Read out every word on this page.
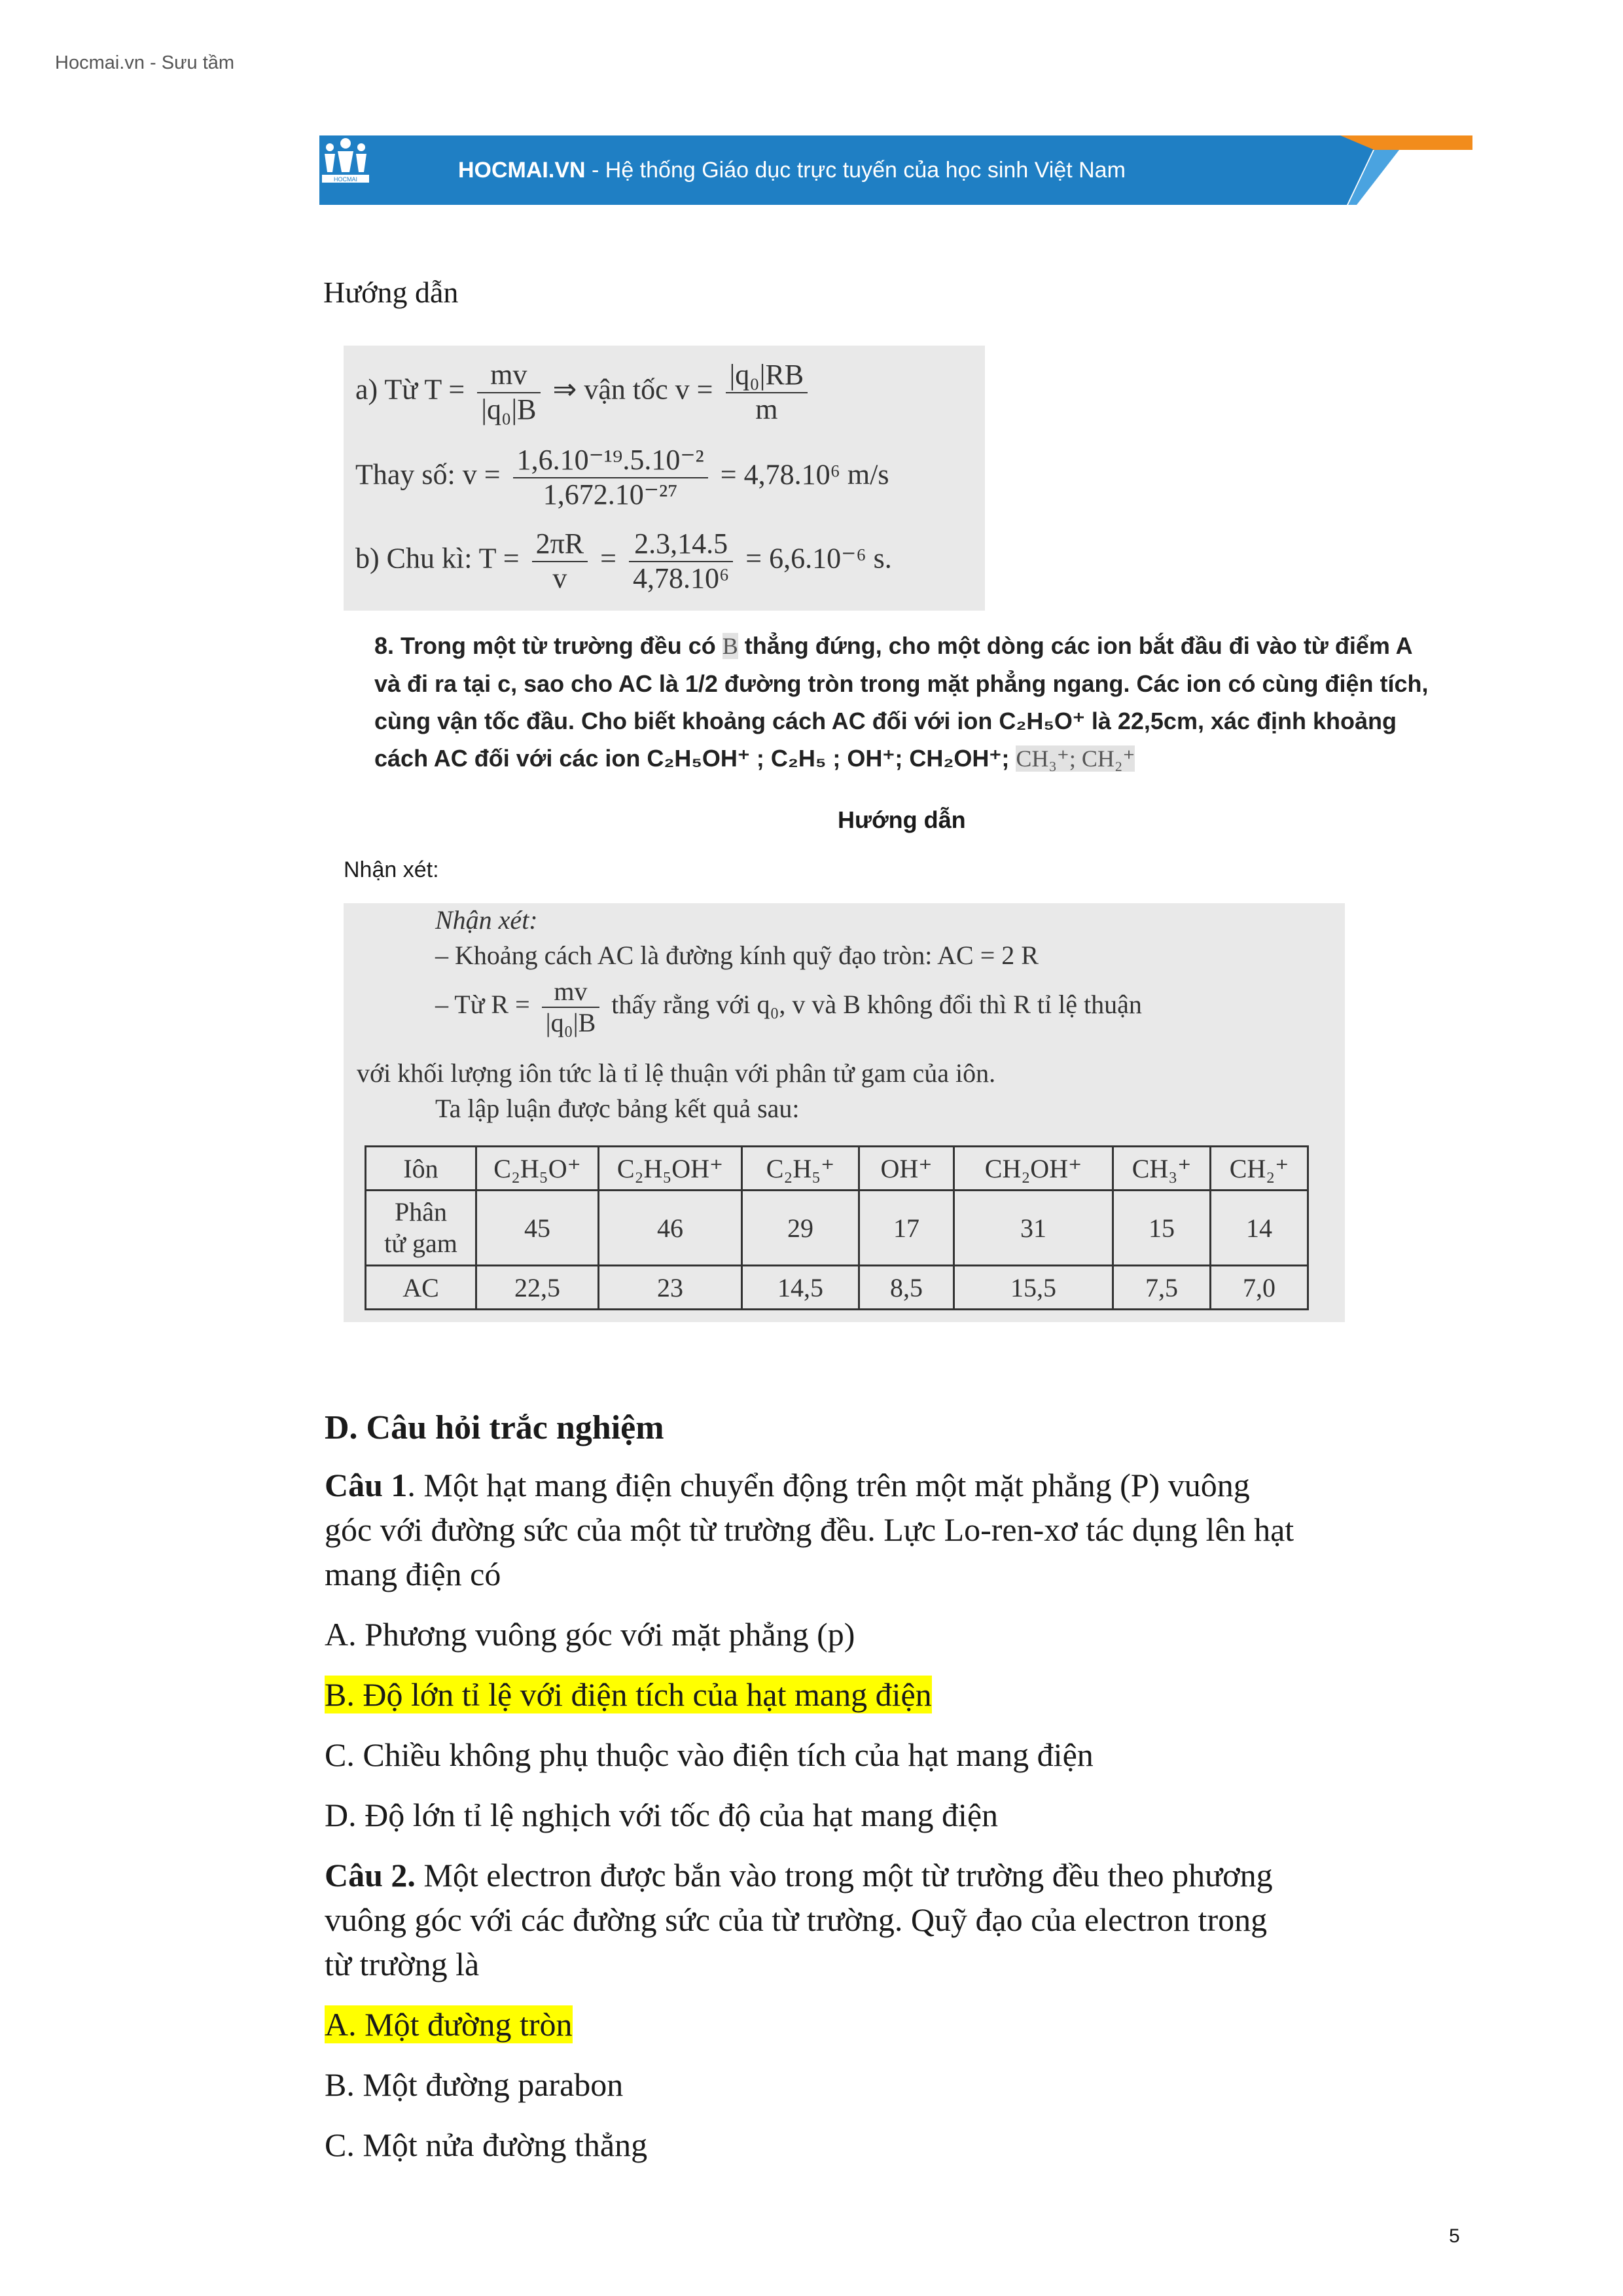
Hocmai.vn - Sưu tầm
HOCMAI	HOCMAI.VN - Hệ thống Giáo dục trực tuyến của học sinh Việt Nam
Hướng dẫn
a) Từ $T = \frac{mv}{\text{|q₀|B}}$ ⇒ vận tốc $v = \frac{\text{|q₀|RB}}{m}$
Thay số: $v = \frac{\text{1,6.10⁻¹⁹.5.10⁻²}}{\text{1,672.10⁻²⁷}} = 4,78.10^6$ m/s
b) Chu kì: $T = \frac{2\pi R}{v} = \frac{2.3,14.5}{\text{4,78.10⁶}} = 6,6.10^{-6}$ s.
8. Trong một từ trường đều có B thẳng đứng, cho một dòng các ion bắt đầu đi vào từ điểm A
và đi ra tại c, sao cho AC là 1/2 đường tròn trong mặt phẳng ngang. Các ion có cùng điện tích,
cùng vận tốc đầu. Cho biết khoảng cách AC đối với ion C₂H₅O⁺ là 22,5cm, xác định khoảng
cách AC đối với các ion C₂H₅OH⁺ ; C₂H₅ ; OH⁺; CH₂OH⁺; CH₃⁺; CH₂⁺
Hướng dẫn
Nhận xét:
Nhận xét:
– Khoảng cách AC là đường kính quỹ đạo tròn: AC = 2 R
– Từ $R = \frac{mv}{\text{|q₀|B}}$ thấy rằng với q₀, v và B không đổi thì R tỉ lệ thuận
với khối lượng iôn tức là tỉ lệ thuận với phân tử gam của iôn.
Ta lập luận được bảng kết quả sau:
Iôn	C₂H₅O⁺	C₂H₅OH⁺	C₂H₅⁺	OH⁺	CH₂OH⁺	CH₃⁺	CH₂⁺
Phân
tử gam	45	46	29	17	31	15	14
AC	22,5	23	14,5	8,5	15,5	7,5	7,0
D. Câu hỏi trắc nghiệm
Câu 1. Một hạt mang điện chuyển động trên một mặt phẳng (P) vuông
góc với đường sức của một từ trường đều. Lực Lo-ren-xơ tác dụng lên hạt
mang điện có
A. Phương vuông góc với mặt phẳng (p)
B. Độ lớn tỉ lệ với điện tích của hạt mang điện
C. Chiều không phụ thuộc vào điện tích của hạt mang điện
D. Độ lớn tỉ lệ nghịch với tốc độ của hạt mang điện
Câu 2. Một electron được bắn vào trong một từ trường đều theo phương
vuông góc với các đường sức của từ trường. Quỹ đạo của electron trong
từ trường là
A. Một đường tròn
B. Một đường parabon
C. Một nửa đường thẳng
5
